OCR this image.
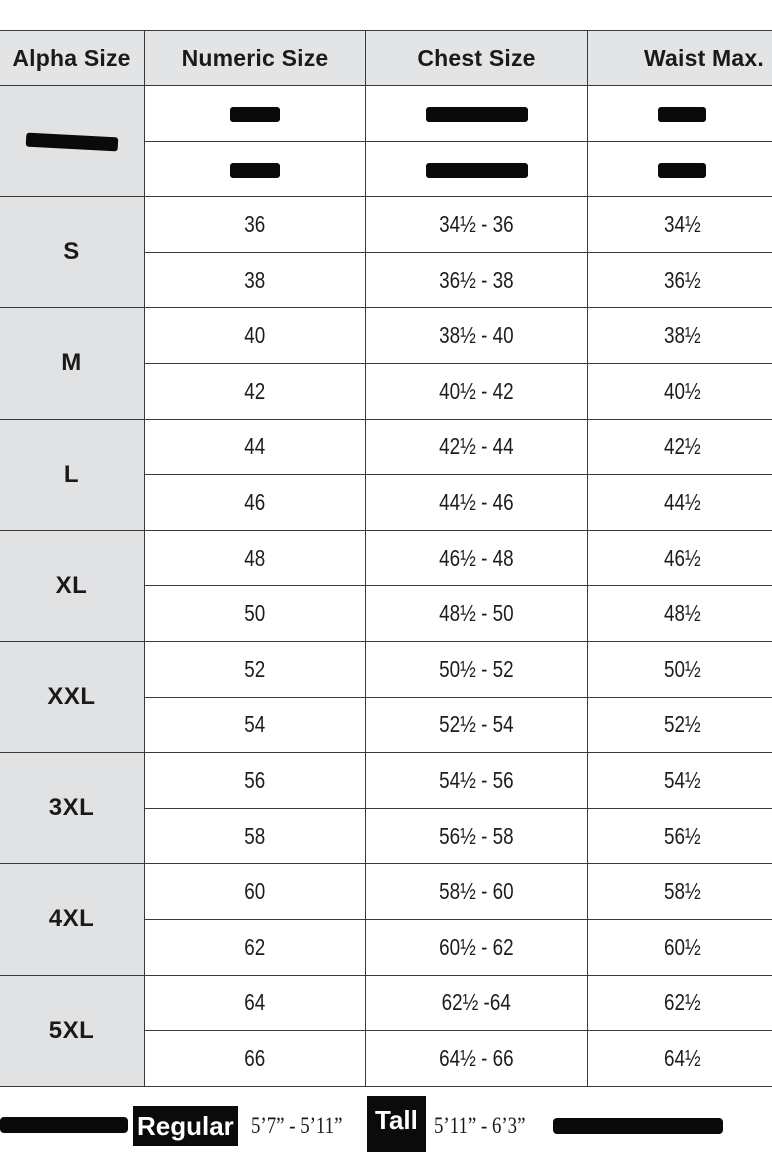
Alpha Size	Numeric Size	Chest Size	Waist Max.

S	36	34½ - 36	34½
	38	36½ - 38	36½
M	40	38½ - 40	38½
	42	40½ - 42	40½
L	44	42½ - 44	42½
	46	44½ - 46	44½
XL	48	46½ - 48	46½
	50	48½ - 50	48½
XXL	52	50½ - 52	50½
	54	52½ - 54	52½
3XL	56	54½ - 56	54½
	58	56½ - 58	56½
4XL	60	58½ - 60	58½
	62	60½ - 62	60½
5XL	64	62½ -64	62½
	66	64½ - 66	64½
Regular 5’7” - 5’11”	Tall 5’11” - 6’3”
